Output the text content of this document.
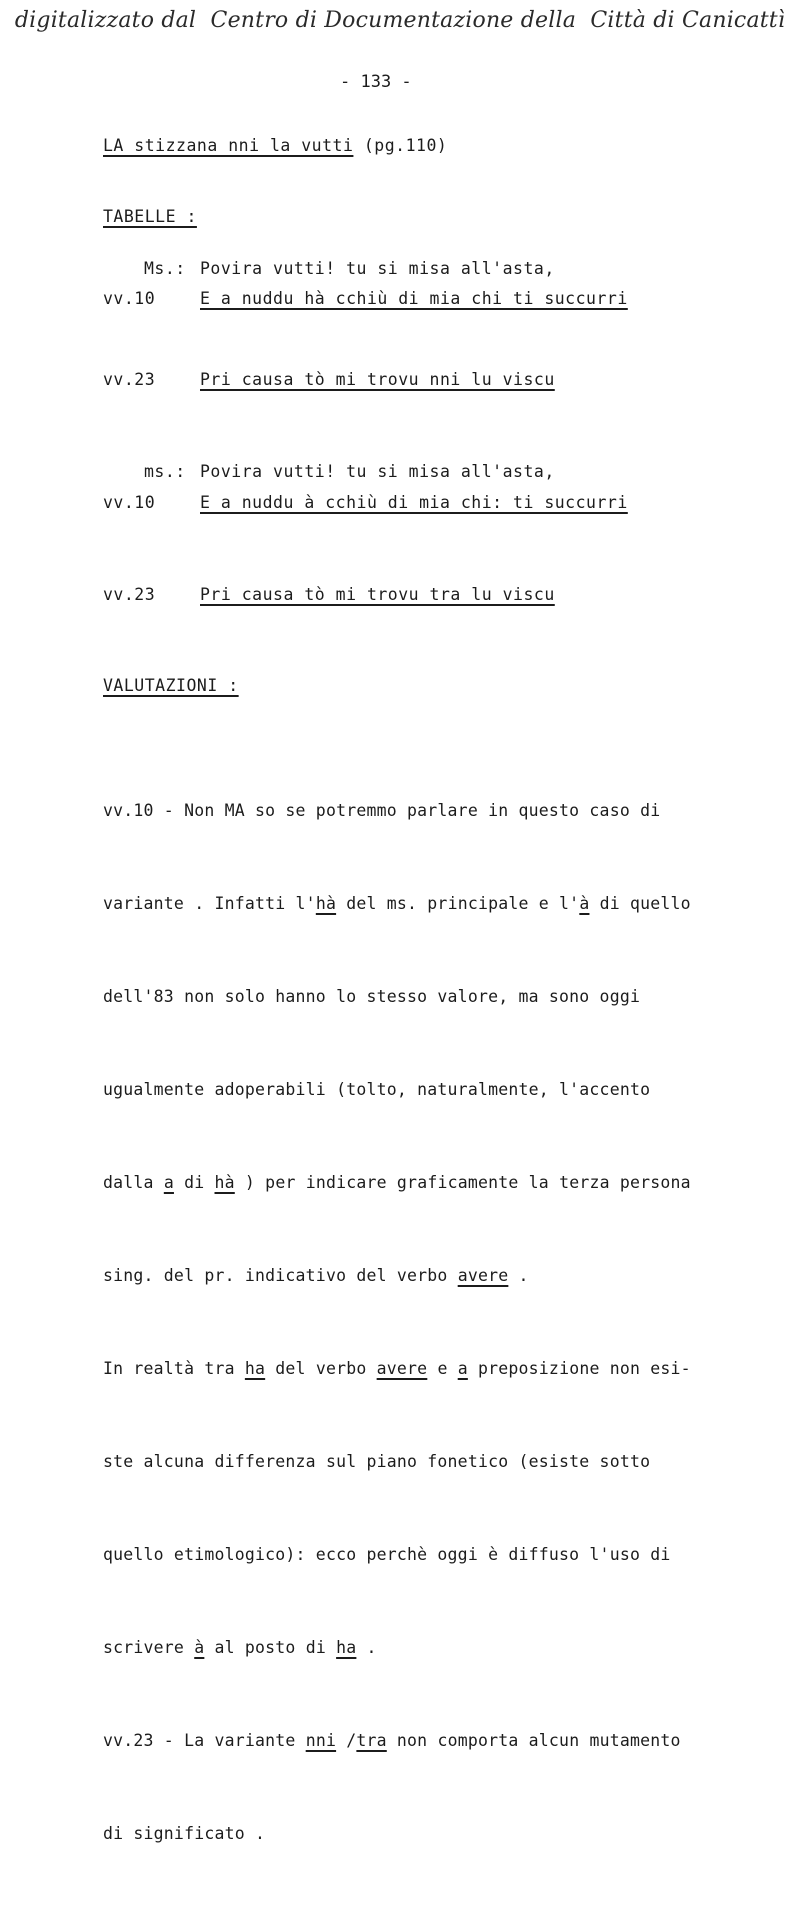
digitalizzato dal  Centro di Documentazione della  Città di Canicattì
- 133 -
LA stizzana nni la vutti (pg.110)
TABELLE :
Ms.: Povira vutti! tu si misa all'asta,
vv.10	E a nuddu hà cchiù di mia chi ti succurri
vv.23	Pri causa tò mi trovu nni lu viscu
ms.: Povira vutti! tu si misa all'asta,
vv.10	E a nuddu à cchiù di mia chi: ti succurri
vv.23	Pri causa tò mi trovu tra lu viscu
VALUTAZIONI :

vv.10 - Non MA so se potremmo parlare in questo caso di

variante . Infatti l'hà del ms. principale e l'à di quello

dell'83 non solo hanno lo stesso valore, ma sono oggi

ugualmente adoperabili (tolto, naturalmente, l'accento

dalla a di hà ) per indicare graficamente la terza persona

sing. del pr. indicativo del verbo avere .

In realtà tra ha del verbo avere e a preposizione non esi-

ste alcuna differenza sul piano fonetico (esiste sotto

quello etimologico): ecco perchè oggi è diffuso l'uso di

scrivere à al posto di ha .

vv.23 - La variante nni /tra non comporta alcun mutamento

di significato .
